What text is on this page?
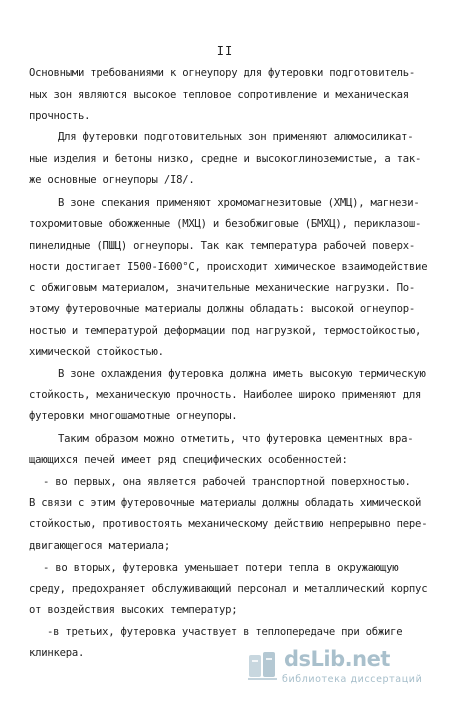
II
Основными требованиями к огнеупору для футеровки подготовитель-
ных зон являются высокое тепловое сопротивление и механическая
прочность.
Для футеровки подготовительных зон применяют алюмосиликат-
ные изделия и бетоны низко, средне и высокоглиноземистые, а так-
же основные огнеупоры /I8/.
В зоне спекания применяют хромомагнезитовые (ХМЦ), магнези-
тохромитовые обожженные (МХЦ) и безобжиговые (БМХЦ), периклазош-
пинелидные (ПШЦ) огнеупоры. Так как температура рабочей поверх-
ности достигает I500-I600°С, происходит химическое взаимодействие
с обжиговым материалом, значительные механические нагрузки. По-
этому футеровочные материалы должны обладать: высокой огнеупор-
ностью и температурой деформации под нагрузкой, термостойкостью,
химической стойкостью.
В зоне охлаждения футеровка должна иметь высокую термическую
стойкость, механическую прочность. Наиболее широко применяют для
футеровки многошамотные огнеупоры.
Таким образом можно отметить, что футеровка цементных вра-
щающихся печей имеет ряд специфических особенностей:
- во первых, она является рабочей транспортной поверхностью.
В связи с этим футеровочные материалы должны обладать химической
стойкостью, противостоять механическому действию непрерывно пере-
двигающегося материала;
- во вторых, футеровка уменьшает потери тепла в окружающую
среду, предохраняет обслуживающий персонал и металлический корпус
от воздействия высоких температур;
-в третьих, футеровка участвует в теплопередаче при обжиге
клинкера.	dsLib.net
библиотека диссертаций
